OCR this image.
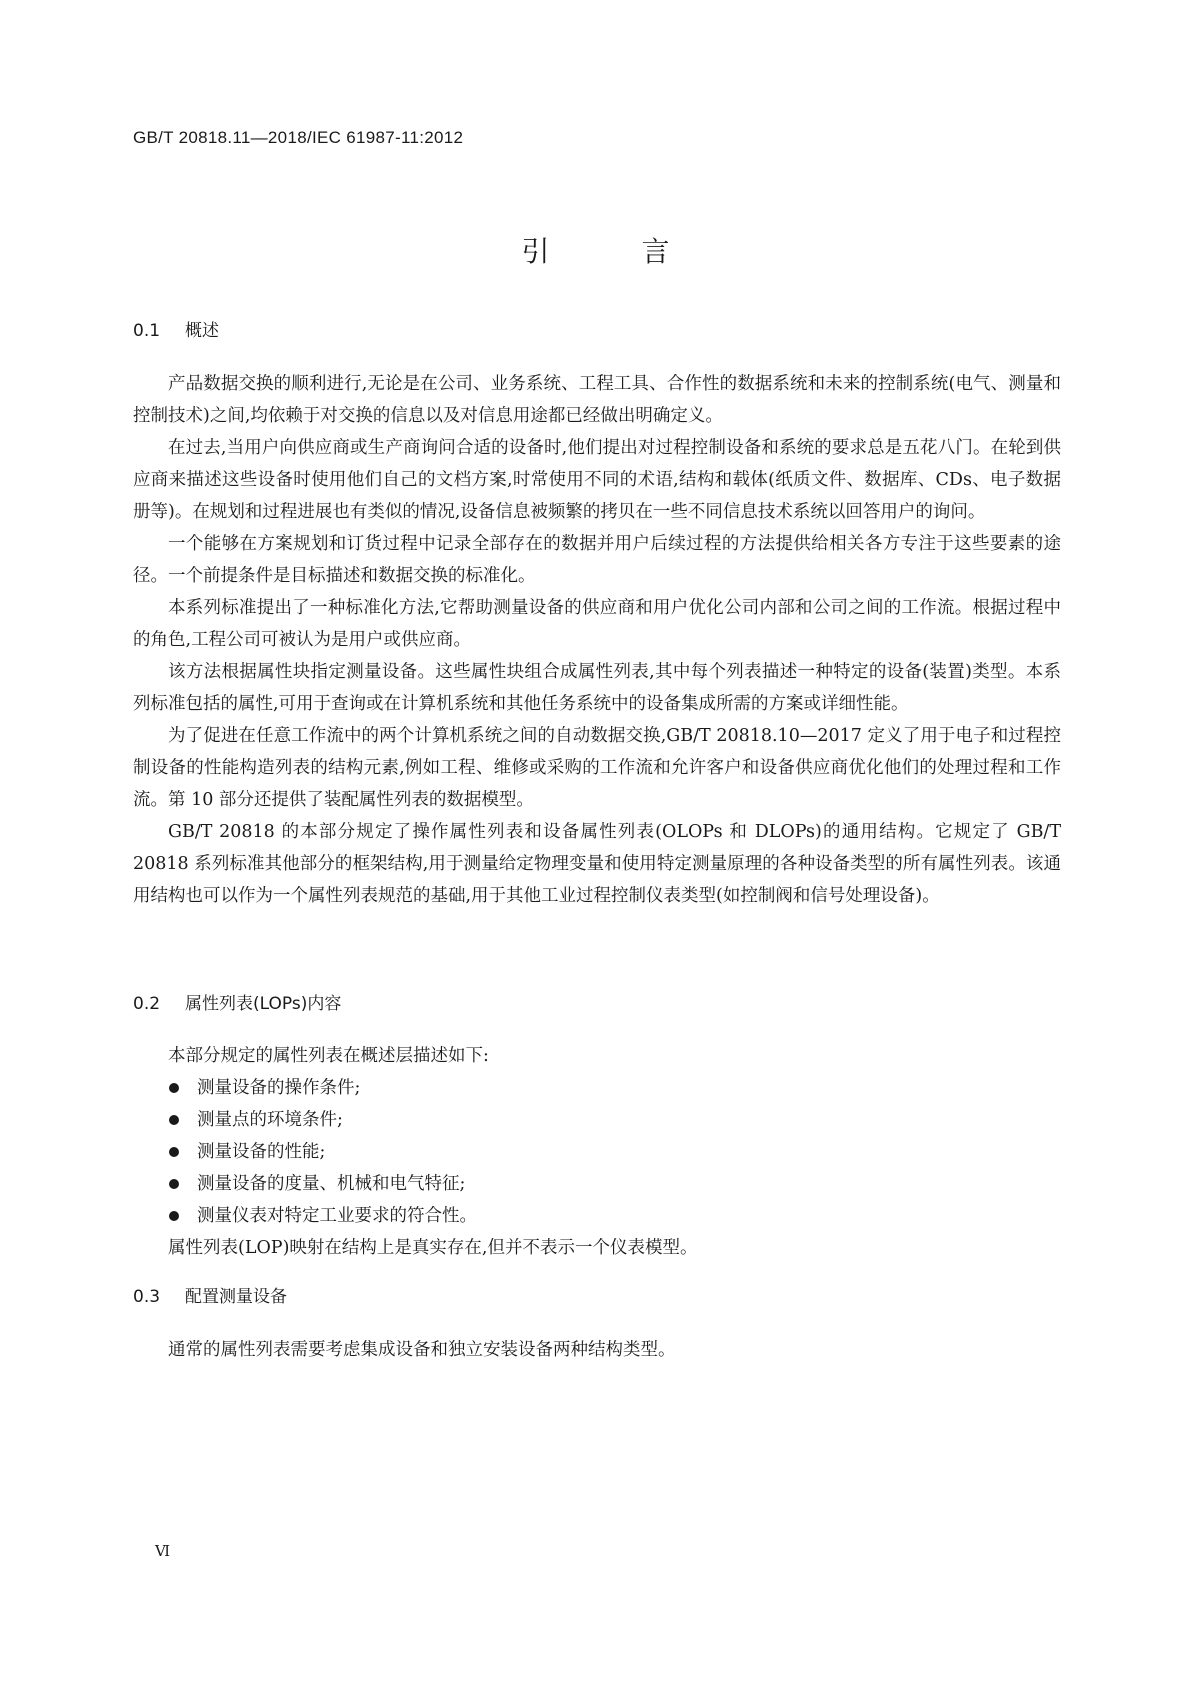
GB/T 20818.11—2018/IEC 61987-11:2012
引	言
0.1 概述

产品数据交换的顺利进行,无论是在公司、业务系统、工程工具、合作性的数据系统和未来的控制系统(电气、测量和控制技术)之间,均依赖于对交换的信息以及对信息用途都已经做出明确定义。

在过去,当用户向供应商或生产商询问合适的设备时,他们提出对过程控制设备和系统的要求总是五花八门。在轮到供应商来描述这些设备时使用他们自己的文档方案,时常使用不同的术语,结构和载体(纸质文件、数据库、CDs、电子数据册等)。在规划和过程进展也有类似的情况,设备信息被频繁的拷贝在一些不同信息技术系统以回答用户的询问。

一个能够在方案规划和订货过程中记录全部存在的数据并用户后续过程的方法提供给相关各方专注于这些要素的途径。一个前提条件是目标描述和数据交换的标准化。

本系列标准提出了一种标准化方法,它帮助测量设备的供应商和用户优化公司内部和公司之间的工作流。根据过程中的角色,工程公司可被认为是用户或供应商。

该方法根据属性块指定测量设备。这些属性块组合成属性列表,其中每个列表描述一种特定的设备(装置)类型。本系列标准包括的属性,可用于查询或在计算机系统和其他任务系统中的设备集成所需的方案或详细性能。

为了促进在任意工作流中的两个计算机系统之间的自动数据交换,GB/T 20818.10—2017 定义了用于电子和过程控制设备的性能构造列表的结构元素,例如工程、维修或采购的工作流和允许客户和设备供应商优化他们的处理过程和工作流。第 10 部分还提供了装配属性列表的数据模型。

GB/T 20818 的本部分规定了操作属性列表和设备属性列表(OLOPs 和 DLOPs)的通用结构。它规定了 GB/T 20818 系列标准其他部分的框架结构,用于测量给定物理变量和使用特定测量原理的各种设备类型的所有属性列表。该通用结构也可以作为一个属性列表规范的基础,用于其他工业过程控制仪表类型(如控制阀和信号处理设备)。

0.2 属性列表(LOPs)内容

本部分规定的属性列表在概述层描述如下:

测量设备的操作条件;
测量点的环境条件;
测量设备的性能;
测量设备的度量、机械和电气特征;
测量仪表对特定工业要求的符合性。

属性列表(LOP)映射在结构上是真实存在,但并不表示一个仪表模型。

0.3 配置测量设备

通常的属性列表需要考虑集成设备和独立安装设备两种结构类型。

Ⅵ
